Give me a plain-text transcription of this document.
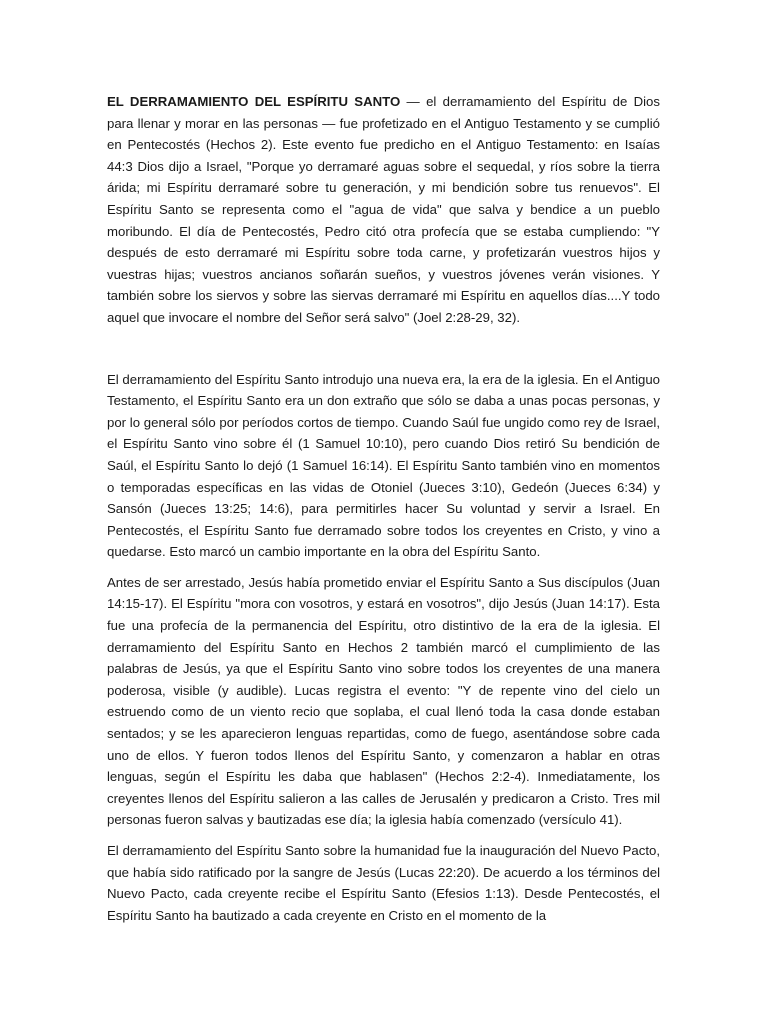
EL DERRAMAMIENTO DEL ESPÍRITU SANTO — el derramamiento del Espíritu de Dios para llenar y morar en las personas — fue profetizado en el Antiguo Testamento y se cumplió en Pentecostés (Hechos 2). Este evento fue predicho en el Antiguo Testamento: en Isaías 44:3 Dios dijo a Israel, "Porque yo derramaré aguas sobre el sequedal, y ríos sobre la tierra árida; mi Espíritu derramaré sobre tu generación, y mi bendición sobre tus renuevos". El Espíritu Santo se representa como el "agua de vida" que salva y bendice a un pueblo moribundo. El día de Pentecostés, Pedro citó otra profecía que se estaba cumpliendo: "Y después de esto derramaré mi Espíritu sobre toda carne, y profetizarán vuestros hijos y vuestras hijas; vuestros ancianos soñarán sueños, y vuestros jóvenes verán visiones. Y también sobre los siervos y sobre las siervas derramaré mi Espíritu en aquellos días....Y todo aquel que invocare el nombre del Señor será salvo" (Joel 2:28-29, 32).

El derramamiento del Espíritu Santo introdujo una nueva era, la era de la iglesia. En el Antiguo Testamento, el Espíritu Santo era un don extraño que sólo se daba a unas pocas personas, y por lo general sólo por períodos cortos de tiempo. Cuando Saúl fue ungido como rey de Israel, el Espíritu Santo vino sobre él (1 Samuel 10:10), pero cuando Dios retiró Su bendición de Saúl, el Espíritu Santo lo dejó (1 Samuel 16:14). El Espíritu Santo también vino en momentos o temporadas específicas en las vidas de Otoniel (Jueces 3:10), Gedeón (Jueces 6:34) y Sansón (Jueces 13:25; 14:6), para permitirles hacer Su voluntad y servir a Israel. En Pentecostés, el Espíritu Santo fue derramado sobre todos los creyentes en Cristo, y vino a quedarse. Esto marcó un cambio importante en la obra del Espíritu Santo.

Antes de ser arrestado, Jesús había prometido enviar el Espíritu Santo a Sus discípulos (Juan 14:15-17). El Espíritu "mora con vosotros, y estará en vosotros", dijo Jesús (Juan 14:17). Esta fue una profecía de la permanencia del Espíritu, otro distintivo de la era de la iglesia. El derramamiento del Espíritu Santo en Hechos 2 también marcó el cumplimiento de las palabras de Jesús, ya que el Espíritu Santo vino sobre todos los creyentes de una manera poderosa, visible (y audible). Lucas registra el evento: "Y de repente vino del cielo un estruendo como de un viento recio que soplaba, el cual llenó toda la casa donde estaban sentados; y se les aparecieron lenguas repartidas, como de fuego, asentándose sobre cada uno de ellos. Y fueron todos llenos del Espíritu Santo, y comenzaron a hablar en otras lenguas, según el Espíritu les daba que hablasen" (Hechos 2:2-4). Inmediatamente, los creyentes llenos del Espíritu salieron a las calles de Jerusalén y predicaron a Cristo. Tres mil personas fueron salvas y bautizadas ese día; la iglesia había comenzado (versículo 41).

El derramamiento del Espíritu Santo sobre la humanidad fue la inauguración del Nuevo Pacto, que había sido ratificado por la sangre de Jesús (Lucas 22:20). De acuerdo a los términos del Nuevo Pacto, cada creyente recibe el Espíritu Santo (Efesios 1:13). Desde Pentecostés, el Espíritu Santo ha bautizado a cada creyente en Cristo en el momento de la
